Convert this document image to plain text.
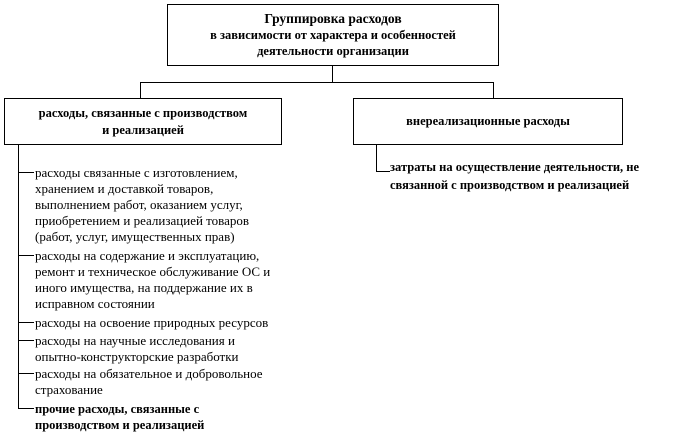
Группировка расходов
в зависимости от характера и особенностей
деятельности организации
расходы, связанные с производством
и реализацией
внереализационные расходы
расходы связанные с изготовлением,
хранением и доставкой товаров,
выполнением работ, оказанием услуг,
приобретением и реализацией товаров
(работ, услуг, имущественных прав)
расходы на содержание и эксплуатацию,
ремонт и техническое обслуживание ОС и
иного имущества, на поддержание их в
исправном состоянии
расходы на освоение природных ресурсов
расходы на научные исследования и
опытно-конструкторские разработки
расходы на обязательное и добровольное
страхование
прочие расходы, связанные с
производством и реализацией
затраты на осуществление деятельности, не
связанной с производством и реализацией
